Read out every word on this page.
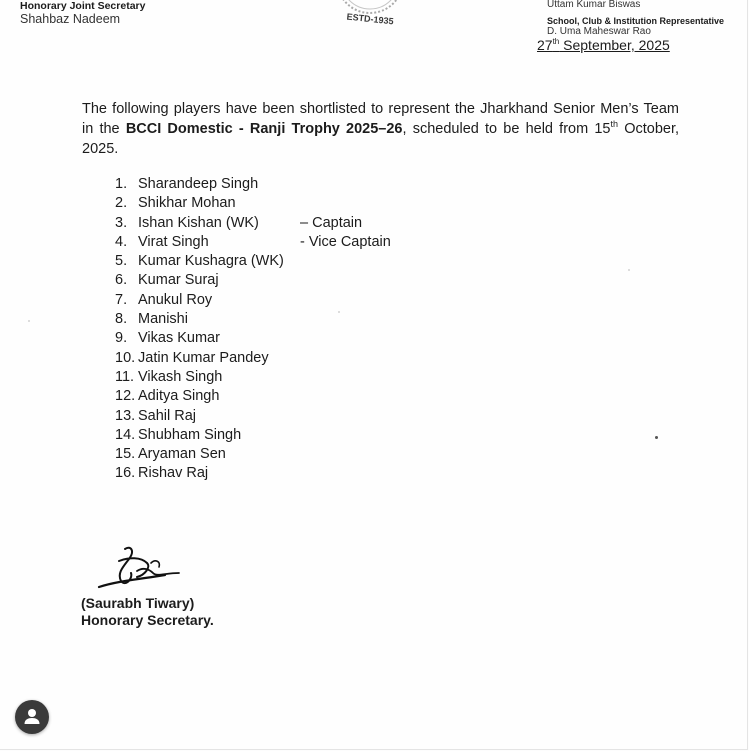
Honorary Joint Secretary
Shahbaz Nadeem	ESTD-1935
Uttam Kumar Biswas
School, Club & Institution Representative
D. Uma Maheswar Rao
27th September, 2025

The following players have been shortlisted to represent the Jharkhand Senior Men’s Team in the BCCI Domestic - Ranji Trophy 2025–26, scheduled to be held from 15th October, 2025.

1. Sharandeep Singh
2. Shikhar Mohan
3. Ishan Kishan (WK)	– Captain
4. Virat Singh	- Vice Captain
5. Kumar Kushagra (WK)
6. Kumar Suraj
7. Anukul Roy
8. Manishi
9. Vikas Kumar
10. Jatin Kumar Pandey
11. Vikash Singh
12. Aditya Singh
13. Sahil Raj
14. Shubham Singh
15. Aryaman Sen
16. Rishav Raj
(Saurabh Tiwary)
Honorary Secretary.
